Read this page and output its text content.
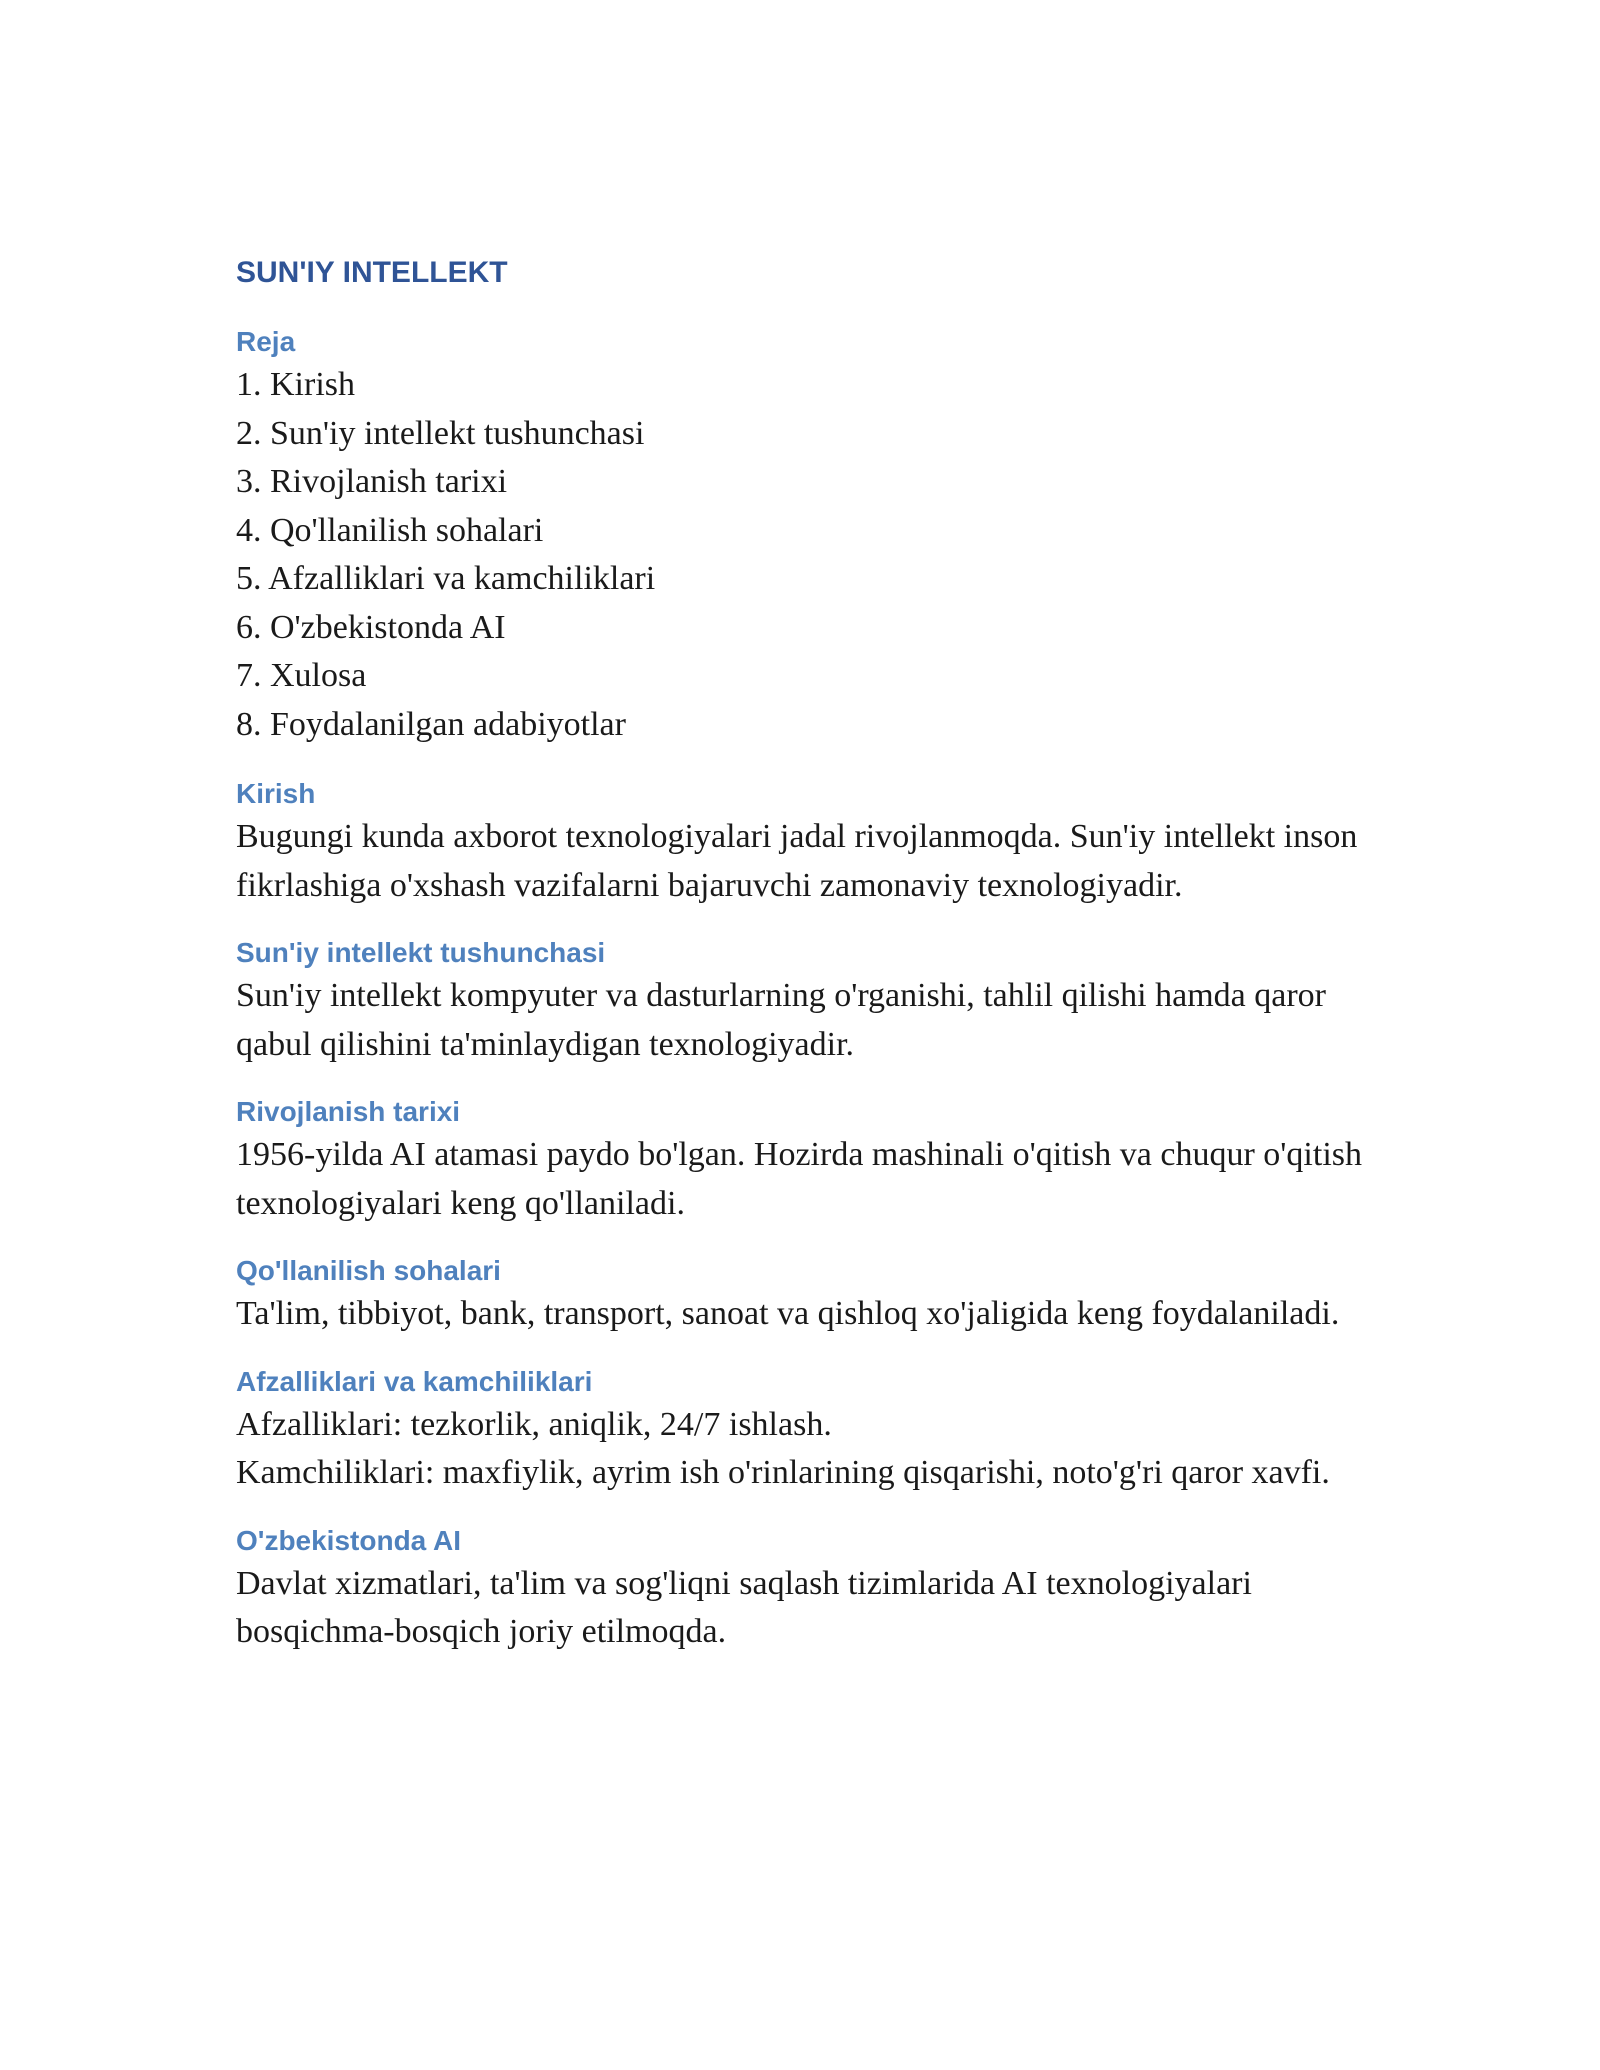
SUN'IY INTELLEKT
Reja
1. Kirish
2. Sun'iy intellekt tushunchasi
3. Rivojlanish tarixi
4. Qo'llanilish sohalari
5. Afzalliklari va kamchiliklari
6. O'zbekistonda AI
7. Xulosa
8. Foydalanilgan adabiyotlar
Kirish

Bugungi kunda axborot texnologiyalari jadal rivojlanmoqda. Sun'iy intellekt inson fikrlashiga o'xshash vazifalarni bajaruvchi zamonaviy texnologiyadir.

Sun'iy intellekt tushunchasi

Sun'iy intellekt kompyuter va dasturlarning o'rganishi, tahlil qilishi hamda qaror qabul qilishini ta'minlaydigan texnologiyadir.

Rivojlanish tarixi

1956-yilda AI atamasi paydo bo'lgan. Hozirda mashinali o'qitish va chuqur o'qitish texnologiyalari keng qo'llaniladi.

Qo'llanilish sohalari

Ta'lim, tibbiyot, bank, transport, sanoat va qishloq xo'jaligida keng foydalaniladi.

Afzalliklari va kamchiliklari

Afzalliklari: tezkorlik, aniqlik, 24/7 ishlash.

Kamchiliklari: maxfiylik, ayrim ish o'rinlarining qisqarishi, noto'g'ri qaror xavfi.

O'zbekistonda AI

Davlat xizmatlari, ta'lim va sog'liqni saqlash tizimlarida AI texnologiyalari bosqichma-bosqich joriy etilmoqda.
